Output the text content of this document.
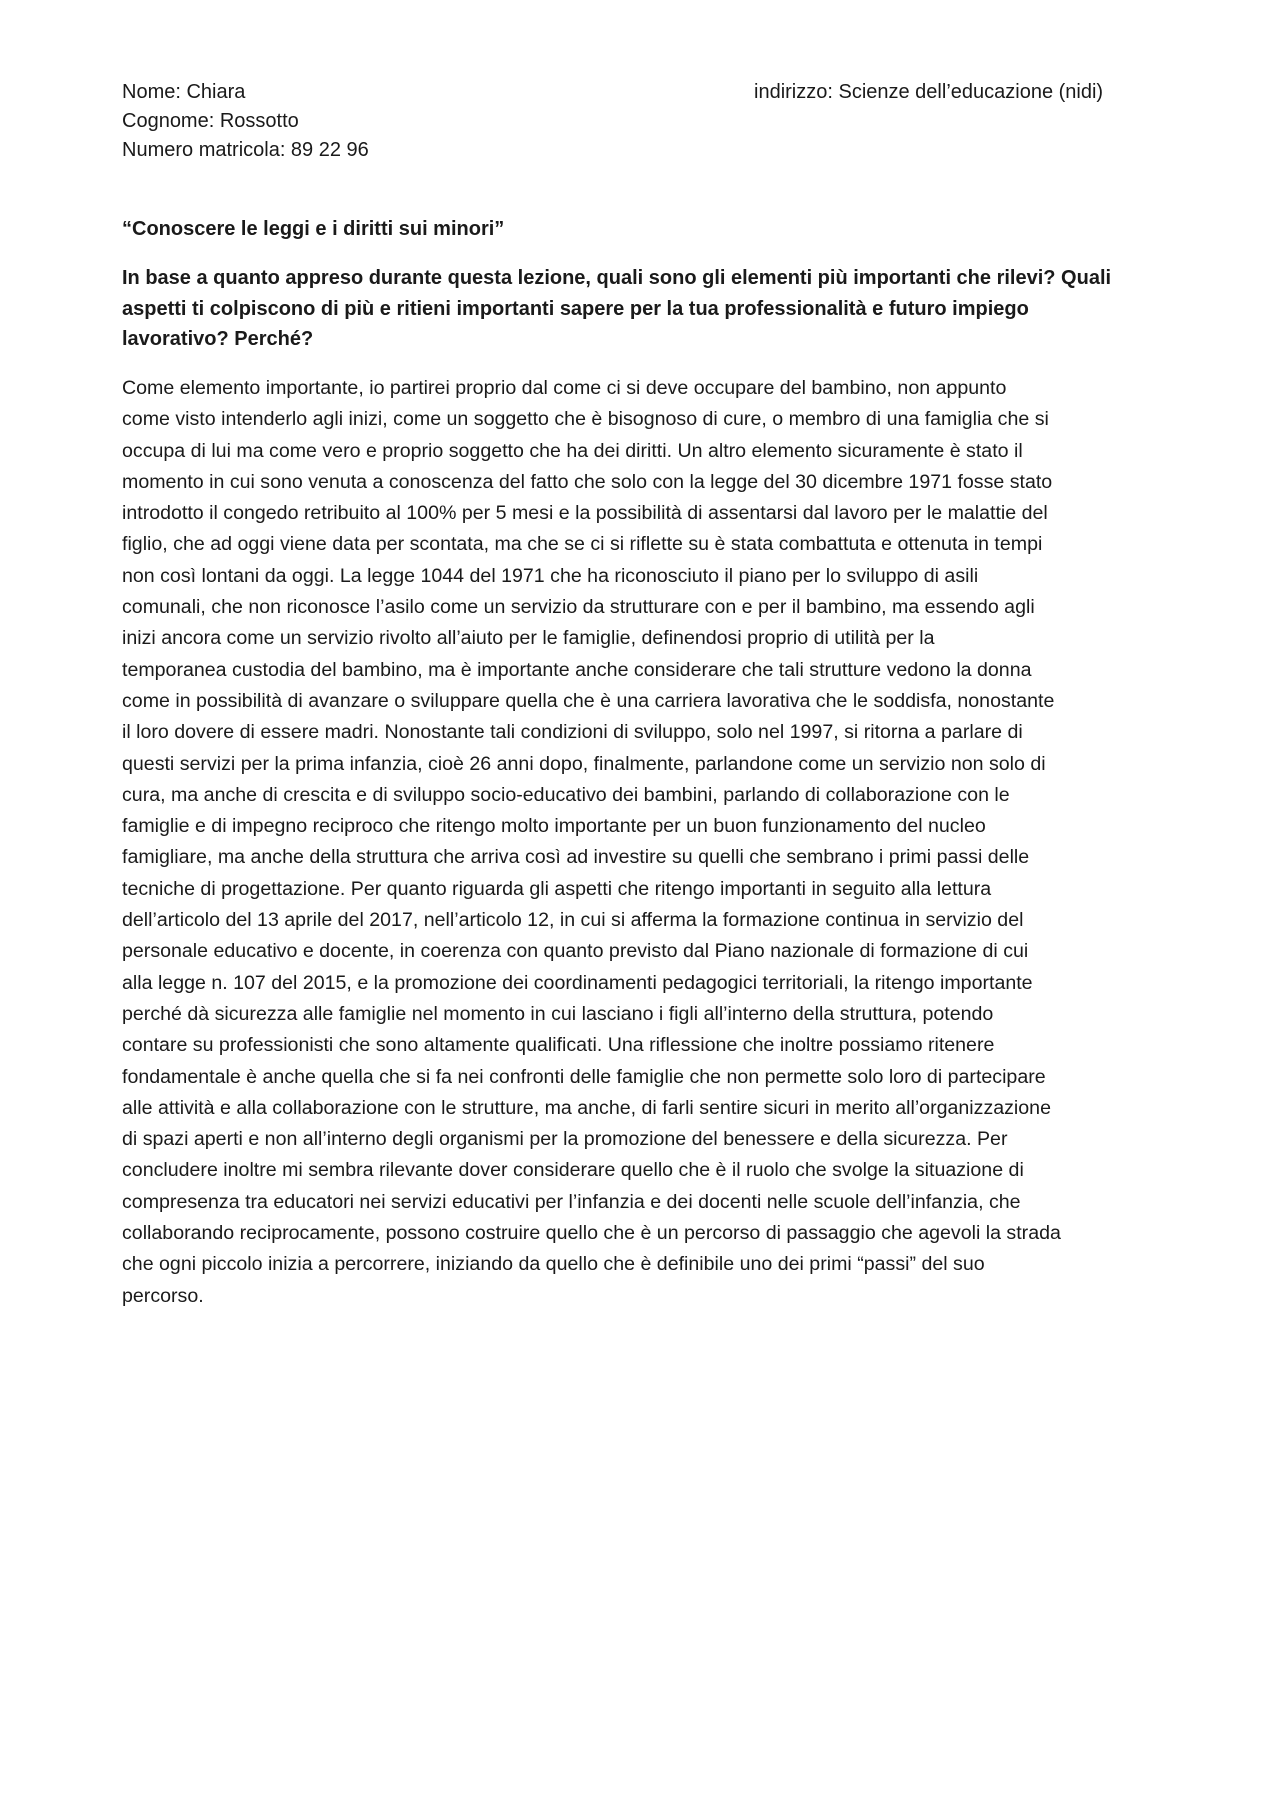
Nome: Chiara
Cognome: Rossotto
Numero matricola: 89 22 96
indirizzo: Scienze dell’educazione (nidi)
“Conoscere le leggi e i diritti sui minori”
In base a quanto appreso durante questa lezione, quali sono gli elementi più importanti che rilevi? Quali
aspetti ti colpiscono di più e ritieni importanti sapere per la tua professionalità e futuro impiego
lavorativo? Perché?
Come elemento importante, io partirei proprio dal come ci si deve occupare del bambino, non appunto
come visto intenderlo agli inizi, come un soggetto che è bisognoso di cure, o membro di una famiglia che si
occupa di lui ma come vero e proprio soggetto che ha dei diritti. Un altro elemento sicuramente è stato il
momento in cui sono venuta a conoscenza del fatto che solo con la legge del 30 dicembre 1971 fosse stato
introdotto il congedo retribuito al 100% per 5 mesi e la possibilità di assentarsi dal lavoro per le malattie del
figlio, che ad oggi viene data per scontata, ma che se ci si riflette su è stata combattuta e ottenuta in tempi
non così lontani da oggi. La legge 1044 del 1971 che ha riconosciuto il piano per lo sviluppo di asili
comunali, che non riconosce l’asilo come un servizio da strutturare con e per il bambino, ma essendo agli
inizi ancora come un servizio rivolto all’aiuto per le famiglie, definendosi proprio di utilità per la
temporanea custodia del bambino, ma è importante anche considerare che tali strutture vedono la donna
come in possibilità di avanzare o sviluppare quella che è una carriera lavorativa che le soddisfa, nonostante
il loro dovere di essere madri. Nonostante tali condizioni di sviluppo, solo nel 1997, si ritorna a parlare di
questi servizi per la prima infanzia, cioè 26 anni dopo, finalmente, parlandone come un servizio non solo di
cura, ma anche di crescita e di sviluppo socio-educativo dei bambini, parlando di collaborazione con le
famiglie e di impegno reciproco che ritengo molto importante per un buon funzionamento del nucleo
famigliare, ma anche della struttura che arriva così ad investire su quelli che sembrano i primi passi delle
tecniche di progettazione. Per quanto riguarda gli aspetti che ritengo importanti in seguito alla lettura
dell’articolo del 13 aprile del 2017, nell’articolo 12, in cui si afferma la formazione continua in servizio del
personale educativo e docente, in coerenza con quanto previsto dal Piano nazionale di formazione di cui
alla legge n. 107 del 2015, e la promozione dei coordinamenti pedagogici territoriali, la ritengo importante
perché dà sicurezza alle famiglie nel momento in cui lasciano i figli all’interno della struttura, potendo
contare su professionisti che sono altamente qualificati. Una riflessione che inoltre possiamo ritenere
fondamentale è anche quella che si fa nei confronti delle famiglie che non permette solo loro di partecipare
alle attività e alla collaborazione con le strutture, ma anche, di farli sentire sicuri in merito all’organizzazione
di spazi aperti e non all’interno degli organismi per la promozione del benessere e della sicurezza. Per
concludere inoltre mi sembra rilevante dover considerare quello che è il ruolo che svolge la situazione di
compresenza tra educatori nei servizi educativi per l’infanzia e dei docenti nelle scuole dell’infanzia, che
collaborando reciprocamente, possono costruire quello che è un percorso di passaggio che agevoli la strada
che ogni piccolo inizia a percorrere, iniziando da quello che è definibile uno dei primi “passi” del suo
percorso.
